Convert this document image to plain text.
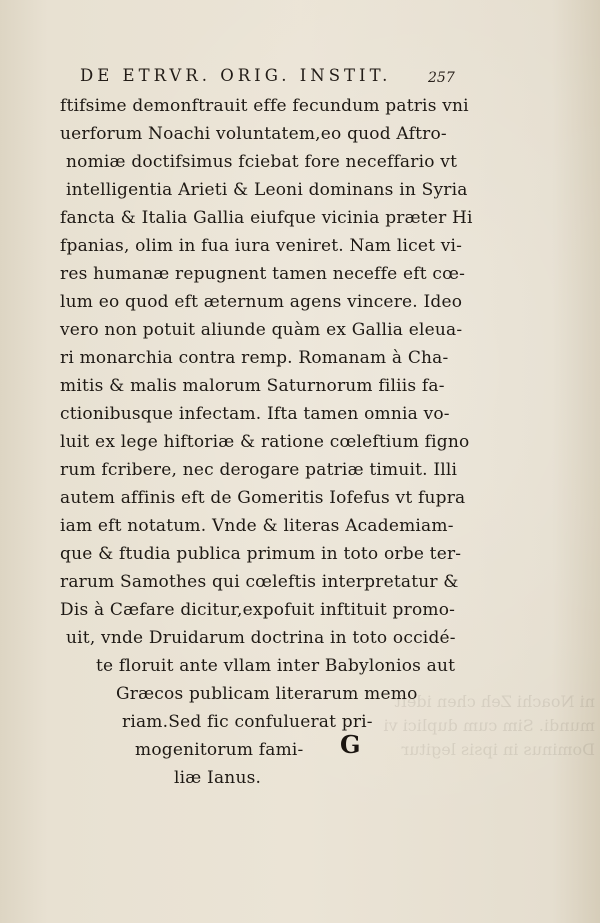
ni Noachi Zeh chen ideft
mundi. Sim cum duplici vi
Dominus in ipsis legitur
DE ETRVR. ORIG. INSTIT.	257
ftifsime demonftrauit effe fecundum patris vni
uerforum Noachi voluntatem,eo quod Aftro-
nomiæ doctifsimus fciebat fore neceffario vt
intelligentia Arieti & Leoni dominans in Syria
fancta & Italia Gallia eiufque vicinia præter Hi
fpanias, olim in fua iura veniret. Nam licet vi-
res humanæ repugnent tamen neceffe eft cœ-
lum eo quod eft æternum agens vincere. Ideo
vero non potuit aliunde quàm ex Gallia eleua-
ri monarchia contra remp. Romanam à Cha-
mitis & malis malorum Saturnorum filiis fa-
ctionibusque infectam. Ifta tamen omnia vo-
luit ex lege hiftoriæ & ratione cœleftium figno
rum fcribere, nec derogare patriæ timuit. Illi
autem affinis eft de Gomeritis Iofefus vt fupra
iam eft notatum. Vnde & literas Academiam-
que & ftudia publica primum in toto orbe ter-
rarum Samothes qui cœleftis interpretatur &
Dis à Cæfare dicitur,expofuit inftituit promo-
uit, vnde Druidarum doctrina in toto occidé-
te floruit ante vllam inter Babylonios aut
Græcos publicam literarum memo
riam.Sed fic confuluerat pri-
mogenitorum fami-
liæ Ianus.
G
